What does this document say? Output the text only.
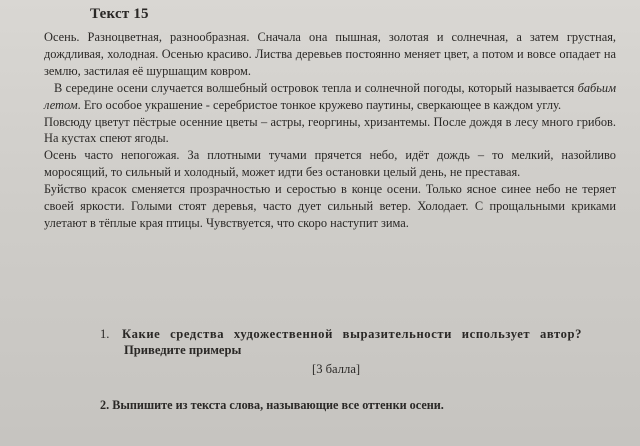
Текст 15

Осень. Разноцветная, разнообразная. Сначала она пышная, золотая и солнечная, а затем грустная, дождливая, холодная. Осенью красиво. Листва деревьев постоянно меняет цвет, а потом и вовсе опадает на землю, застилая её шуршащим ковром.

В середине осени случается волшебный островок тепла и солнечной погоды, который называется бабьим летом. Его особое украшение - серебристое тонкое кружево паутины, сверкающее в каждом углу.

Повсюду цветут пёстрые осенние цветы – астры, георгины, хризантемы. После дождя в лесу много грибов. На кустах спеют ягоды.

Осень часто непогожая. За плотными тучами прячется небо, идёт дождь – то мелкий, назойливо моросящий, то сильный и холодный, может идти без остановки целый день, не преставая.

Буйство красок сменяется прозрачностью и серостью в конце осени. Только ясное синее небо не теряет своей яркости. Голыми стоят деревья, часто дует сильный ветер. Холодает. С прощальными криками улетают в тёплые края птицы. Чувствуется, что скоро наступит зима.

1. Какие средства художественной выразительности использует автор?
Приведите примеры
[3 балла]
2. Выпишите из текста слова, называющие все оттенки осени.
